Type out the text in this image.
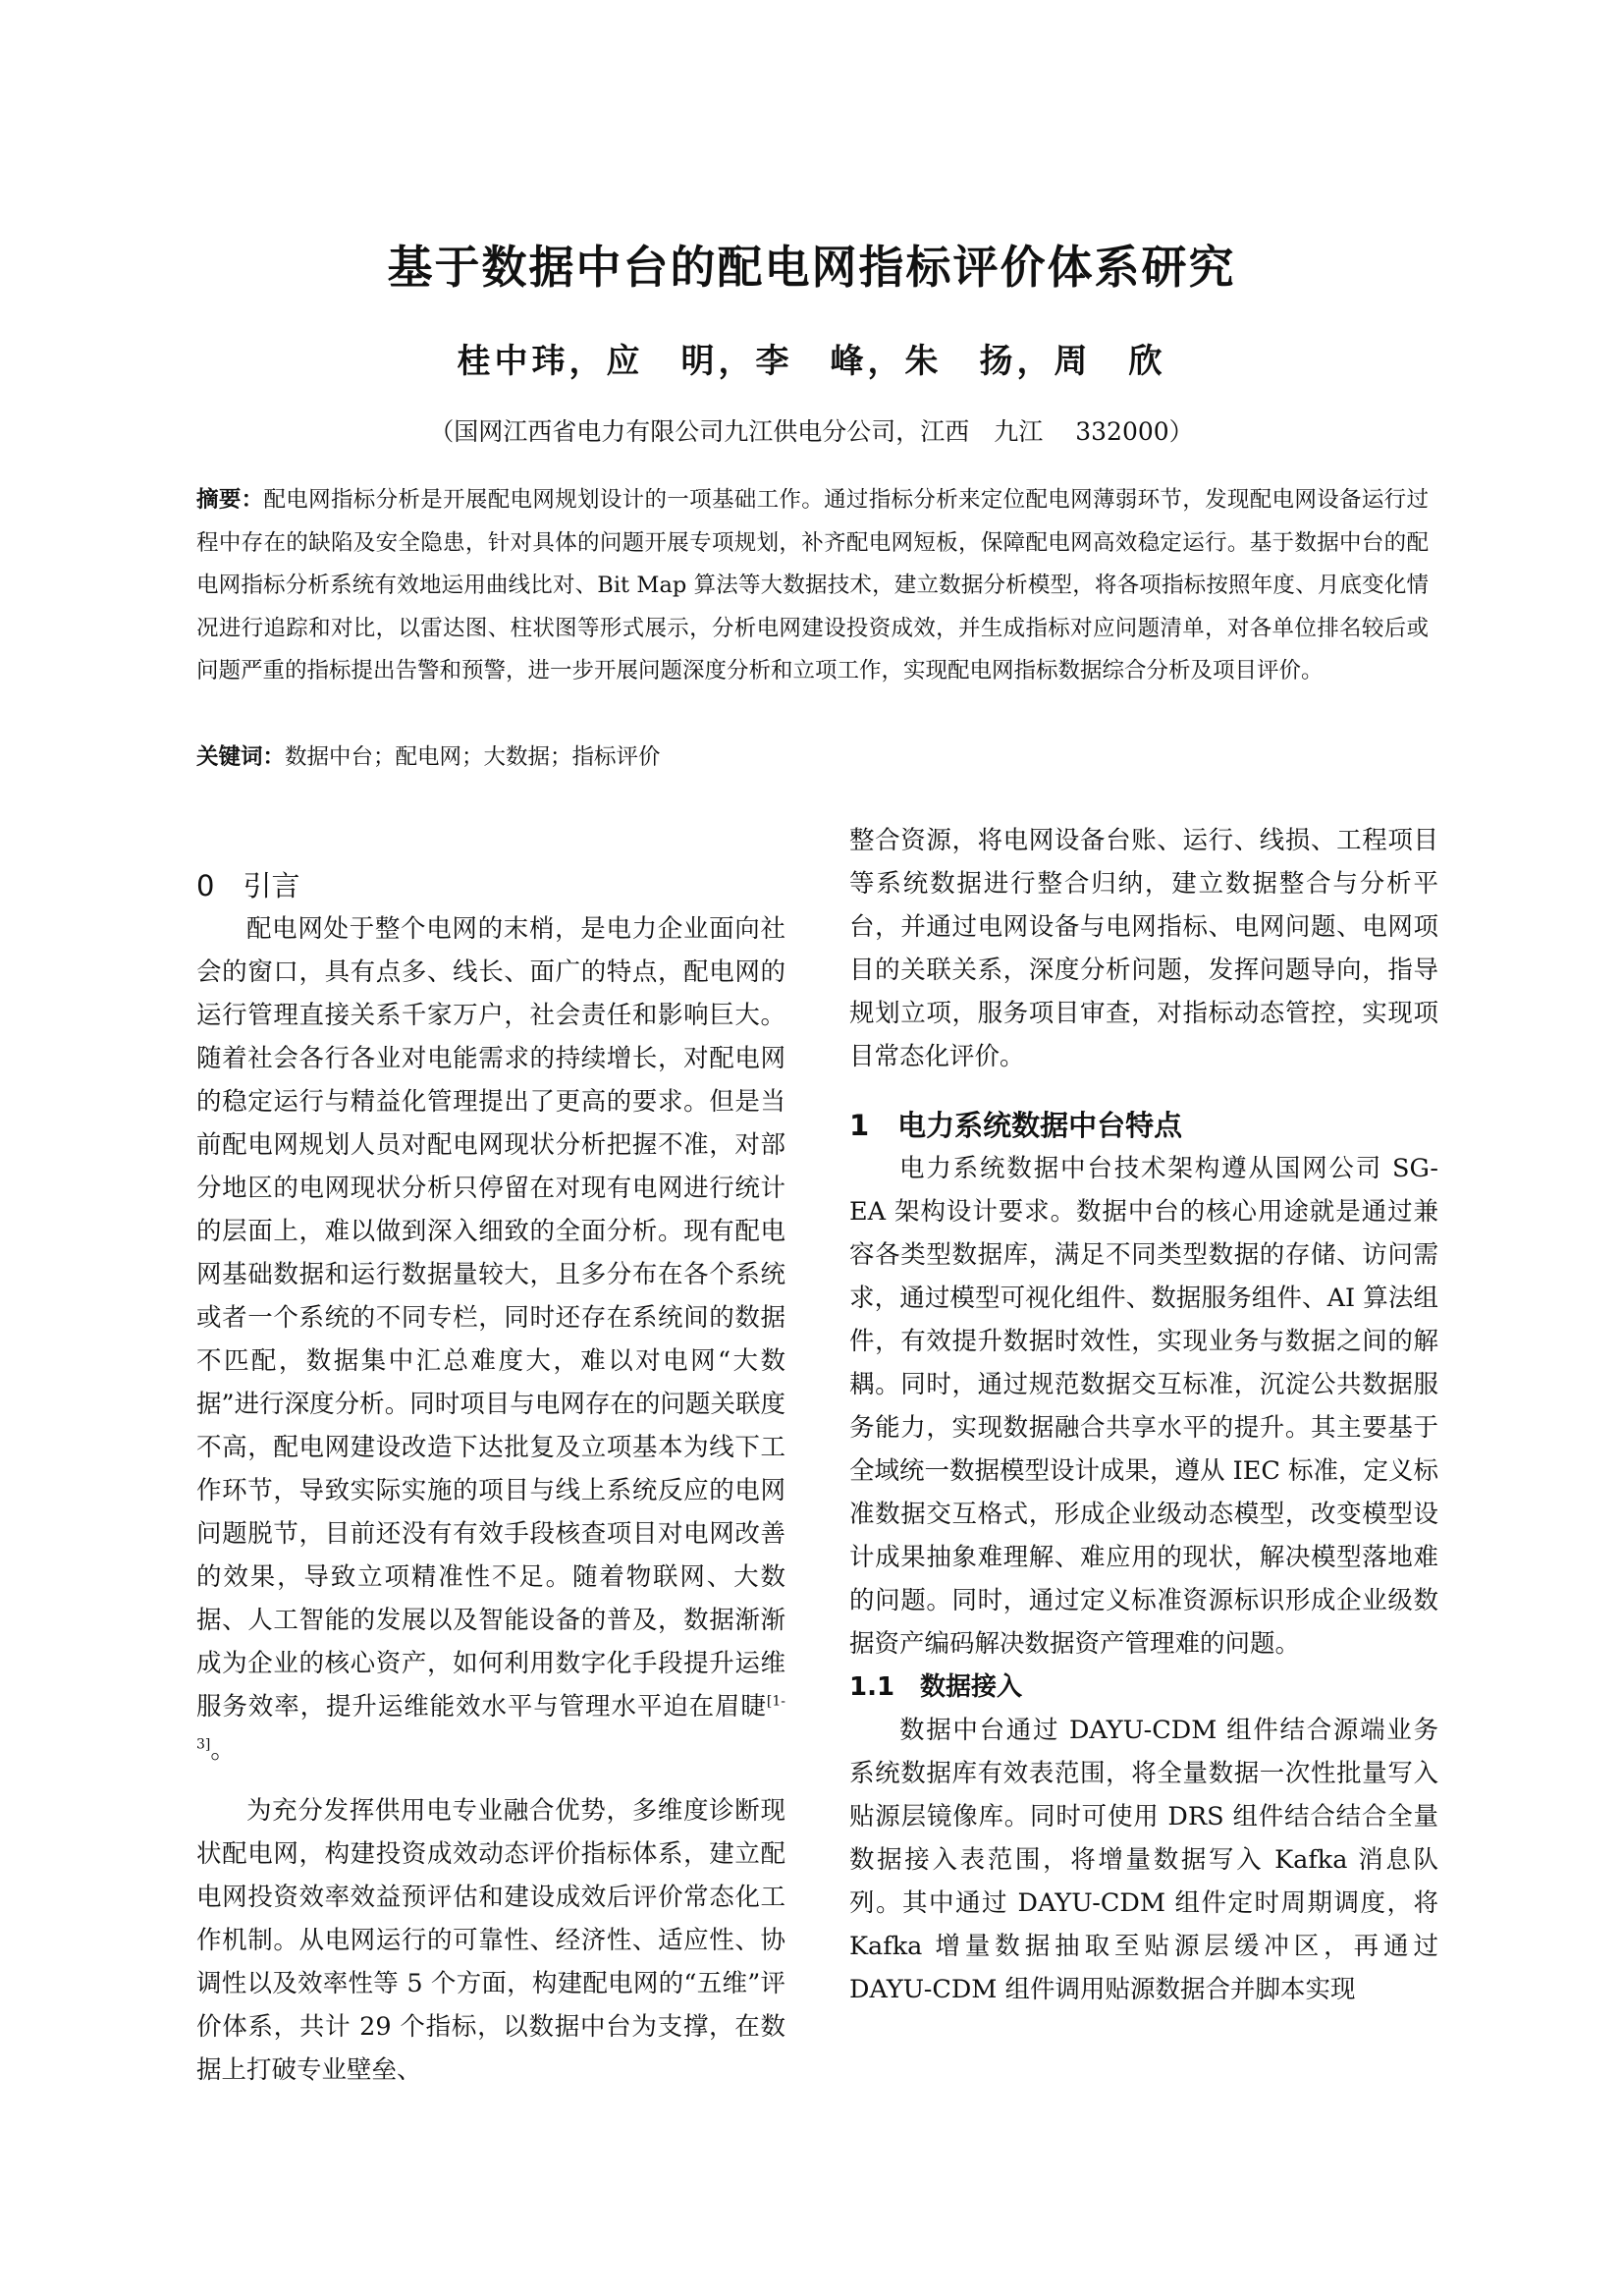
基于数据中台的配电网指标评价体系研究

桂中玮，应　明，李　峰，朱　扬，周　欣

（国网江西省电力有限公司九江供电分公司，江西　九江　 332000）

摘要：配电网指标分析是开展配电网规划设计的一项基础工作。通过指标分析来定位配电网薄弱环节，发现配电网设备运行过程中存在的缺陷及安全隐患，针对具体的问题开展专项规划，补齐配电网短板，保障配电网高效稳定运行。基于数据中台的配电网指标分析系统有效地运用曲线比对、Bit Map 算法等大数据技术，建立数据分析模型，将各项指标按照年度、月底变化情况进行追踪和对比，以雷达图、柱状图等形式展示，分析电网建设投资成效，并生成指标对应问题清单，对各单位排名较后或问题严重的指标提出告警和预警，进一步开展问题深度分析和立项工作，实现配电网指标数据综合分析及项目评价。

关键词：数据中台；配电网；大数据；指标评价

0　引言

配电网处于整个电网的末梢，是电力企业面向社会的窗口，具有点多、线长、面广的特点，配电网的运行管理直接关系千家万户，社会责任和影响巨大。随着社会各行各业对电能需求的持续增长，对配电网的稳定运行与精益化管理提出了更高的要求。但是当前配电网规划人员对配电网现状分析把握不准，对部分地区的电网现状分析只停留在对现有电网进行统计的层面上，难以做到深入细致的全面分析。现有配电网基础数据和运行数据量较大，且多分布在各个系统或者一个系统的不同专栏，同时还存在系统间的数据不匹配，数据集中汇总难度大，难以对电网“大数据”进行深度分析。同时项目与电网存在的问题关联度不高，配电网建设改造下达批复及立项基本为线下工作环节，导致实际实施的项目与线上系统反应的电网问题脱节，目前还没有有效手段核查项目对电网改善的效果，导致立项精准性不足。随着物联网、大数据、人工智能的发展以及智能设备的普及，数据渐渐成为企业的核心资产，如何利用数字化手段提升运维服务效率，提升运维能效水平与管理水平迫在眉睫[1-3]。

为充分发挥供用电专业融合优势，多维度诊断现状配电网，构建投资成效动态评价指标体系，建立配电网投资效率效益预评估和建设成效后评价常态化工作机制。从电网运行的可靠性、经济性、适应性、协调性以及效率性等 5 个方面，构建配电网的“五维”评价体系，共计 29 个指标，以数据中台为支撑，在数据上打破专业壁垒、

整合资源，将电网设备台账、运行、线损、工程项目等系统数据进行整合归纳，建立数据整合与分析平台，并通过电网设备与电网指标、电网问题、电网项目的关联关系，深度分析问题，发挥问题导向，指导规划立项，服务项目审查，对指标动态管控，实现项目常态化评价。

1　电力系统数据中台特点

电力系统数据中台技术架构遵从国网公司 SG-EA 架构设计要求。数据中台的核心用途就是通过兼容各类型数据库，满足不同类型数据的存储、访问需求，通过模型可视化组件、数据服务组件、AI 算法组件，有效提升数据时效性，实现业务与数据之间的解耦。同时，通过规范数据交互标准，沉淀公共数据服务能力，实现数据融合共享水平的提升。其主要基于全域统一数据模型设计成果，遵从 IEC 标准，定义标准数据交互格式，形成企业级动态模型，改变模型设计成果抽象难理解、难应用的现状，解决模型落地难的问题。同时，通过定义标准资源标识形成企业级数据资产编码解决数据资产管理难的问题。

1.1　数据接入

数据中台通过 DAYU-CDM 组件结合源端业务系统数据库有效表范围，将全量数据一次性批量写入贴源层镜像库。同时可使用 DRS 组件结合结合全量数据接入表范围，将增量数据写入 Kafka 消息队列。其中通过 DAYU-CDM 组件定时周期调度，将 Kafka 增量数据抽取至贴源层缓冲区，再通过 DAYU-CDM 组件调用贴源数据合并脚本实现
